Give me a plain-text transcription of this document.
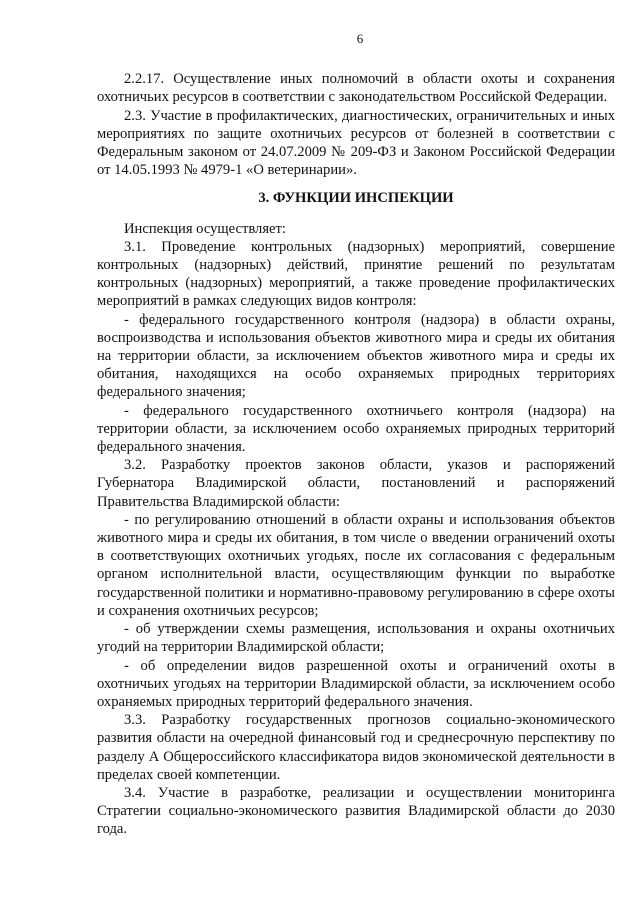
6

2.2.17. Осуществление иных полномочий в области охоты и сохранения охотничьих ресурсов в соответствии с законодательством Российской Федерации.

2.3. Участие в профилактических, диагностических, ограничительных и иных мероприятиях по защите охотничьих ресурсов от болезней в соответствии с Федеральным законом от 24.07.2009 № 209-ФЗ и Законом Российской Федерации от 14.05.1993 № 4979-1 «О ветеринарии».

3. ФУНКЦИИ ИНСПЕКЦИИ

Инспекция осуществляет:

3.1. Проведение контрольных (надзорных) мероприятий, совершение контрольных (надзорных) действий, принятие решений по результатам контрольных (надзорных) мероприятий, а также проведение профилактических мероприятий в рамках следующих видов контроля:

- федерального государственного контроля (надзора) в области охраны, воспроизводства и использования объектов животного мира и среды их обитания на территории области, за исключением объектов животного мира и среды их обитания, находящихся на особо охраняемых природных территориях федерального значения;

- федерального государственного охотничьего контроля (надзора) на территории области, за исключением особо охраняемых природных территорий федерального значения.

3.2. Разработку проектов законов области, указов и распоряжений Губернатора Владимирской области, постановлений и распоряжений Правительства Владимирской области:

- по регулированию отношений в области охраны и использования объектов животного мира и среды их обитания, в том числе о введении ограничений охоты в соответствующих охотничьих угодьях, после их согласования с федеральным органом исполнительной власти, осуществляющим функции по выработке государственной политики и нормативно-правовому регулированию в сфере охоты и сохранения охотничьих ресурсов;

- об утверждении схемы размещения, использования и охраны охотничьих угодий на территории Владимирской области;

- об определении видов разрешенной охоты и ограничений охоты в охотничьих угодьях на территории Владимирской области, за исключением особо охраняемых природных территорий федерального значения.

3.3. Разработку государственных прогнозов социально-экономического развития области на очередной финансовый год и среднесрочную перспективу по разделу А Общероссийского классификатора видов экономической деятельности в пределах своей компетенции.

3.4. Участие в разработке, реализации и осуществлении мониторинга Стратегии социально-экономического развития Владимирской области до 2030 года.
